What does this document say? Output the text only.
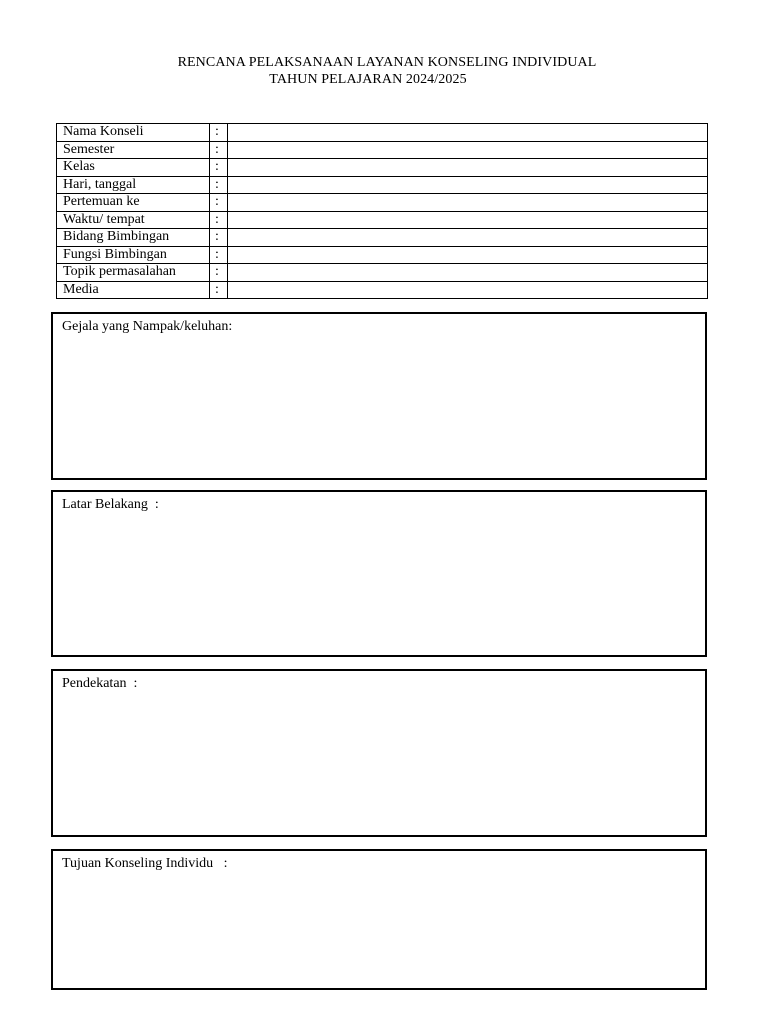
RENCANA PELAKSANAAN LAYANAN KONSELING INDIVIDUAL
TAHUN PELAJARAN 2024/2025
Nama Konseli	:	
Semester	:	
Kelas	:	
Hari, tanggal	:	
Pertemuan ke	:	
Waktu/ tempat	:	
Bidang Bimbingan	:	
Fungsi Bimbingan	:	
Topik permasalahan	:	
Media	:	
Gejala yang Nampak/keluhan:
Latar Belakang  :
Pendekatan  :
Tujuan Konseling Individu   :
